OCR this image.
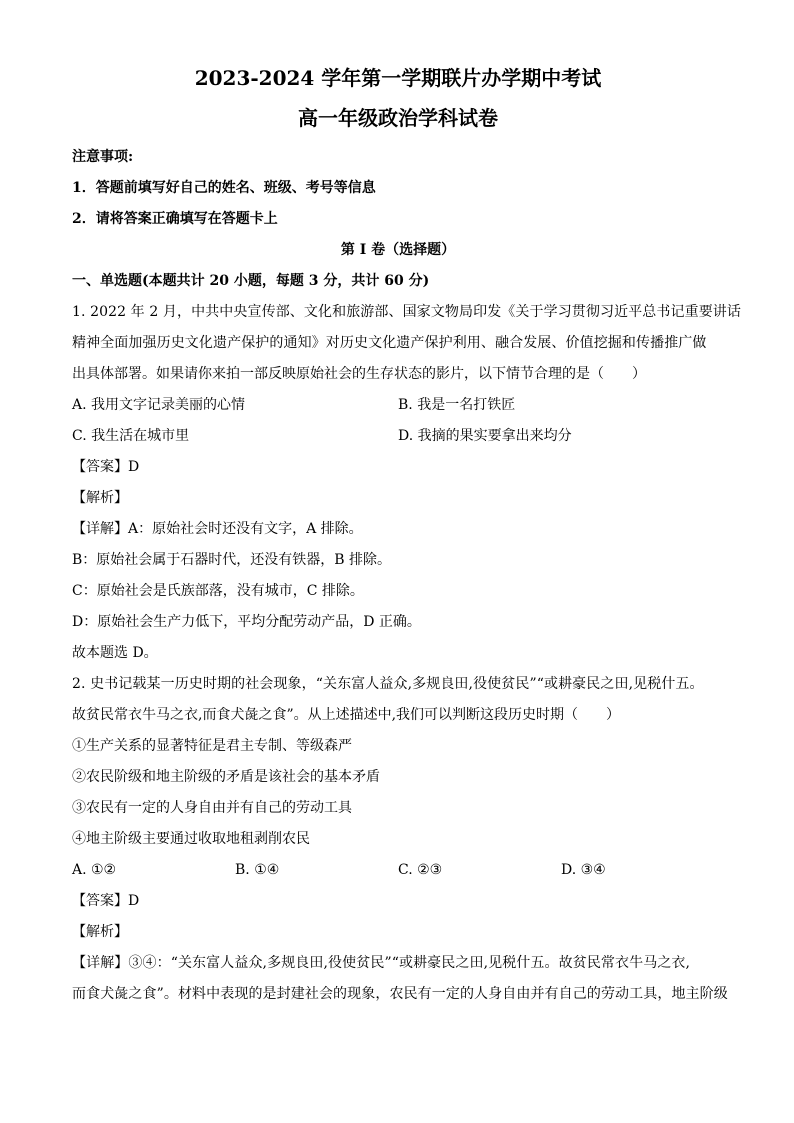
2023-2024 学年第一学期联片办学期中考试

高一年级政治学科试卷

注意事项:

1．答题前填写好自己的姓名、班级、考号等信息

2．请将答案正确填写在答题卡上

第 I 卷（选择题）

一、单选题(本题共计 20 小题，每题 3 分，共计 60 分)

1. 2022 年 2 月，中共中央宣传部、文化和旅游部、国家文物局印发《关于学习贯彻习近平总书记重要讲话

精神全面加强历史文化遗产保护的通知》对历史文化遗产保护利用、融合发展、价值挖掘和传播推广做

出具体部署。如果请你来拍一部反映原始社会的生存状态的影片，以下情节合理的是（　　）

A. 我用文字记录美丽的心情	B. 我是一名打铁匠
C. 我生活在城市里	D. 我摘的果实要拿出来均分

【答案】D

【解析】

【详解】A：原始社会时还没有文字，A 排除。

B：原始社会属于石器时代，还没有铁器，B 排除。

C：原始社会是氏族部落，没有城市，C 排除。

D：原始社会生产力低下，平均分配劳动产品，D 正确。

故本题选 D。

2. 史书记载某一历史时期的社会现象，“关东富人益众,多规良田,役使贫民”“或耕豪民之田,见税什五。

故贫民常衣牛马之衣,而食犬彘之食”。从上述描述中,我们可以判断这段历史时期（　　）

①生产关系的显著特征是君主专制、等级森严

②农民阶级和地主阶级的矛盾是该社会的基本矛盾

③农民有一定的人身自由并有自己的劳动工具

④地主阶级主要通过收取地租剥削农民

A. ①②	B. ①④	C. ②③	D. ③④

【答案】D

【解析】

【详解】③④：“关东富人益众,多规良田,役使贫民”“或耕豪民之田,见税什五。故贫民常衣牛马之衣,

而食犬彘之食”。材料中表现的是封建社会的现象，农民有一定的人身自由并有自己的劳动工具，地主阶级
